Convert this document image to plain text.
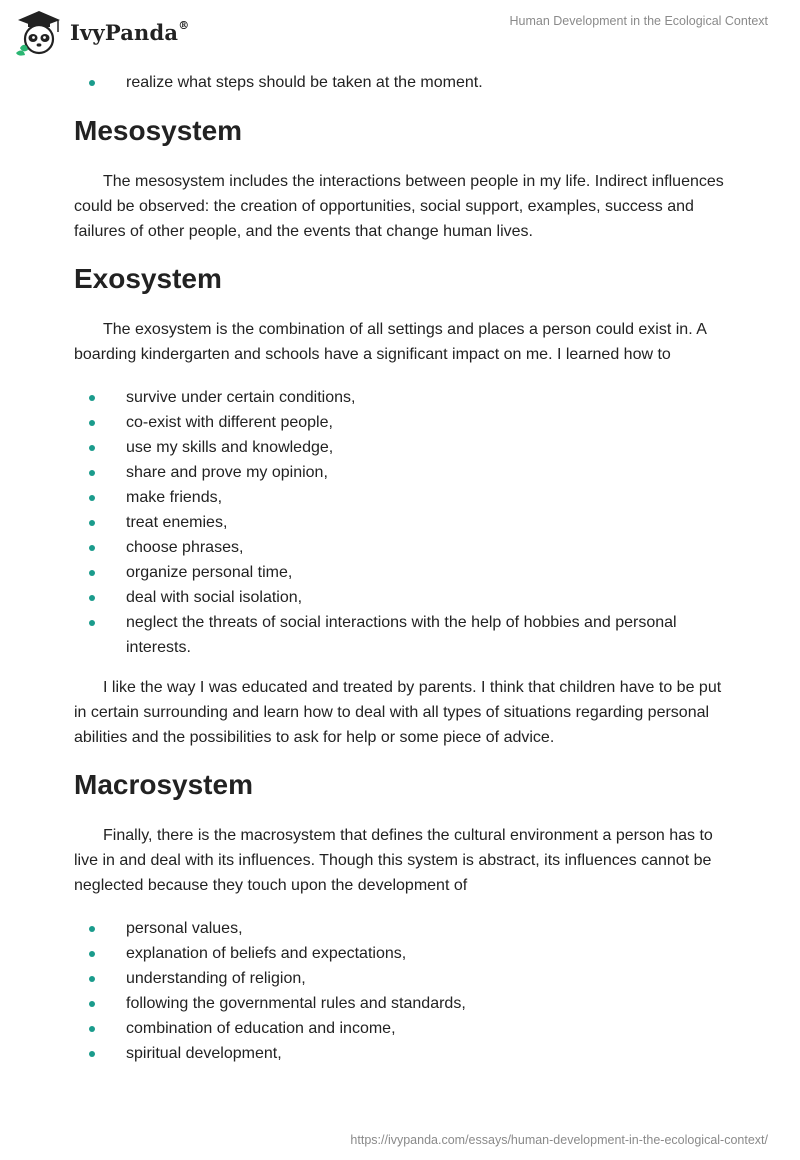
IvyPanda®	Human Development in the Ecological Context
realize what steps should be taken at the moment.
Mesosystem

The mesosystem includes the interactions between people in my life. Indirect influences could be observed: the creation of opportunities, social support, examples, success and failures of other people, and the events that change human lives.

Exosystem

The exosystem is the combination of all settings and places a person could exist in. A boarding kindergarten and schools have a significant impact on me. I learned how to

survive under certain conditions,
co-exist with different people,
use my skills and knowledge,
share and prove my opinion,
make friends,
treat enemies,
choose phrases,
organize personal time,
deal with social isolation,
neglect the threats of social interactions with the help of hobbies and personal interests.

I like the way I was educated and treated by parents. I think that children have to be put in certain surrounding and learn how to deal with all types of situations regarding personal abilities and the possibilities to ask for help or some piece of advice.

Macrosystem

Finally, there is the macrosystem that defines the cultural environment a person has to live in and deal with its influences. Though this system is abstract, its influences cannot be neglected because they touch upon the development of

personal values,
explanation of beliefs and expectations,
understanding of religion,
following the governmental rules and standards,
combination of education and income,
spiritual development,
https://ivypanda.com/essays/human-development-in-the-ecological-context/
